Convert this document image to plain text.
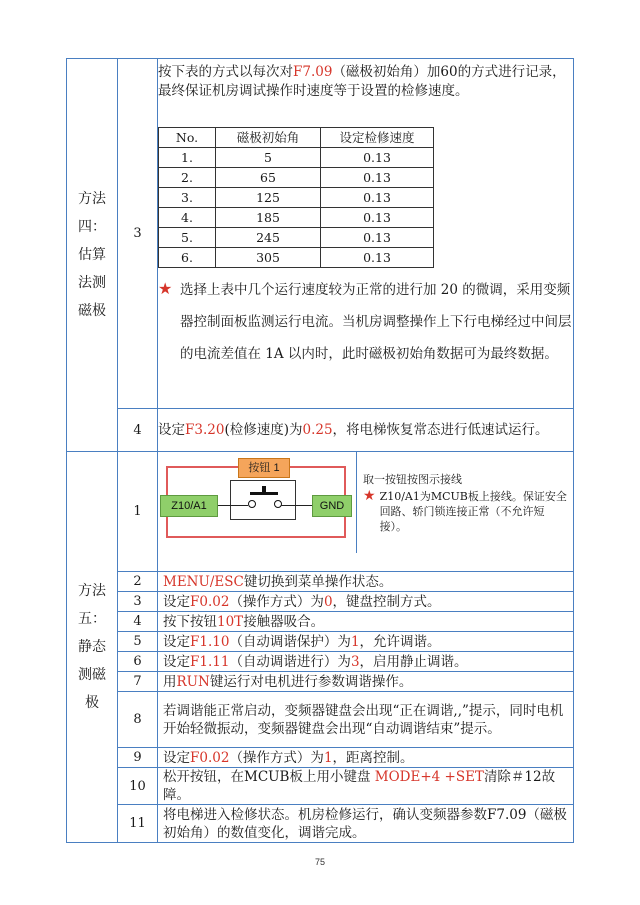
方法
四：
估算
法测
磁极
	3	
按下表的方式以每次对F7.09（磁极初始角）加60的方式进行记录，最终保证机房调试操作时速度等于设置的检修速度。
No.	磁极初始角	设定检修速度
1.	5	0.13
2.	65	0.13
3.	125	0.13
4.	185	0.13
5.	245	0.13
6.	305	0.13
★ 选择上表中几个运行速度较为正常的进行加 20 的微调，采用变频器控制面板监测运行电流。当机房调整操作上下行电梯经过中间层的电流差值在 1A 以内时，此时磁极初始角数据可为最终数据。

4	设定F3.20(检修速度)为0.25，将电梯恢复常态进行低速试运行。

方法
五：
静态
测磁
极
	1	
按钮 1
Z10/A1	GND
取一按钮按图示接线
★ Z10/A1为MCUB板上接线。保证安全回路、轿门锁连接正常（不允许短接）。

2	MENU/ESC键切换到菜单操作状态。
3	设定F0.02（操作方式）为0，键盘控制方式。
4	按下按钮10T接触器吸合。
5	设定F1.10（自动调谐保护）为1，允许调谐。
6	设定F1.11（自动调谐进行）为3，启用静止调谐。
7	用RUN键运行对电机进行参数调谐操作。
8	若调谐能正常启动，变频器键盘会出现“正在调谐,,”提示，同时电机开始轻微振动，变频器键盘会出现“自动调谐结束”提示。
9	设定F0.02（操作方式）为1，距离控制。
10	松开按钮，在MCUB板上用小键盘 MODE+4 +SET清除＃12故障。
11	将电梯进入检修状态。机房检修运行，确认变频器参数F7.09（磁极初始角）的数值变化，调谐完成。
75
